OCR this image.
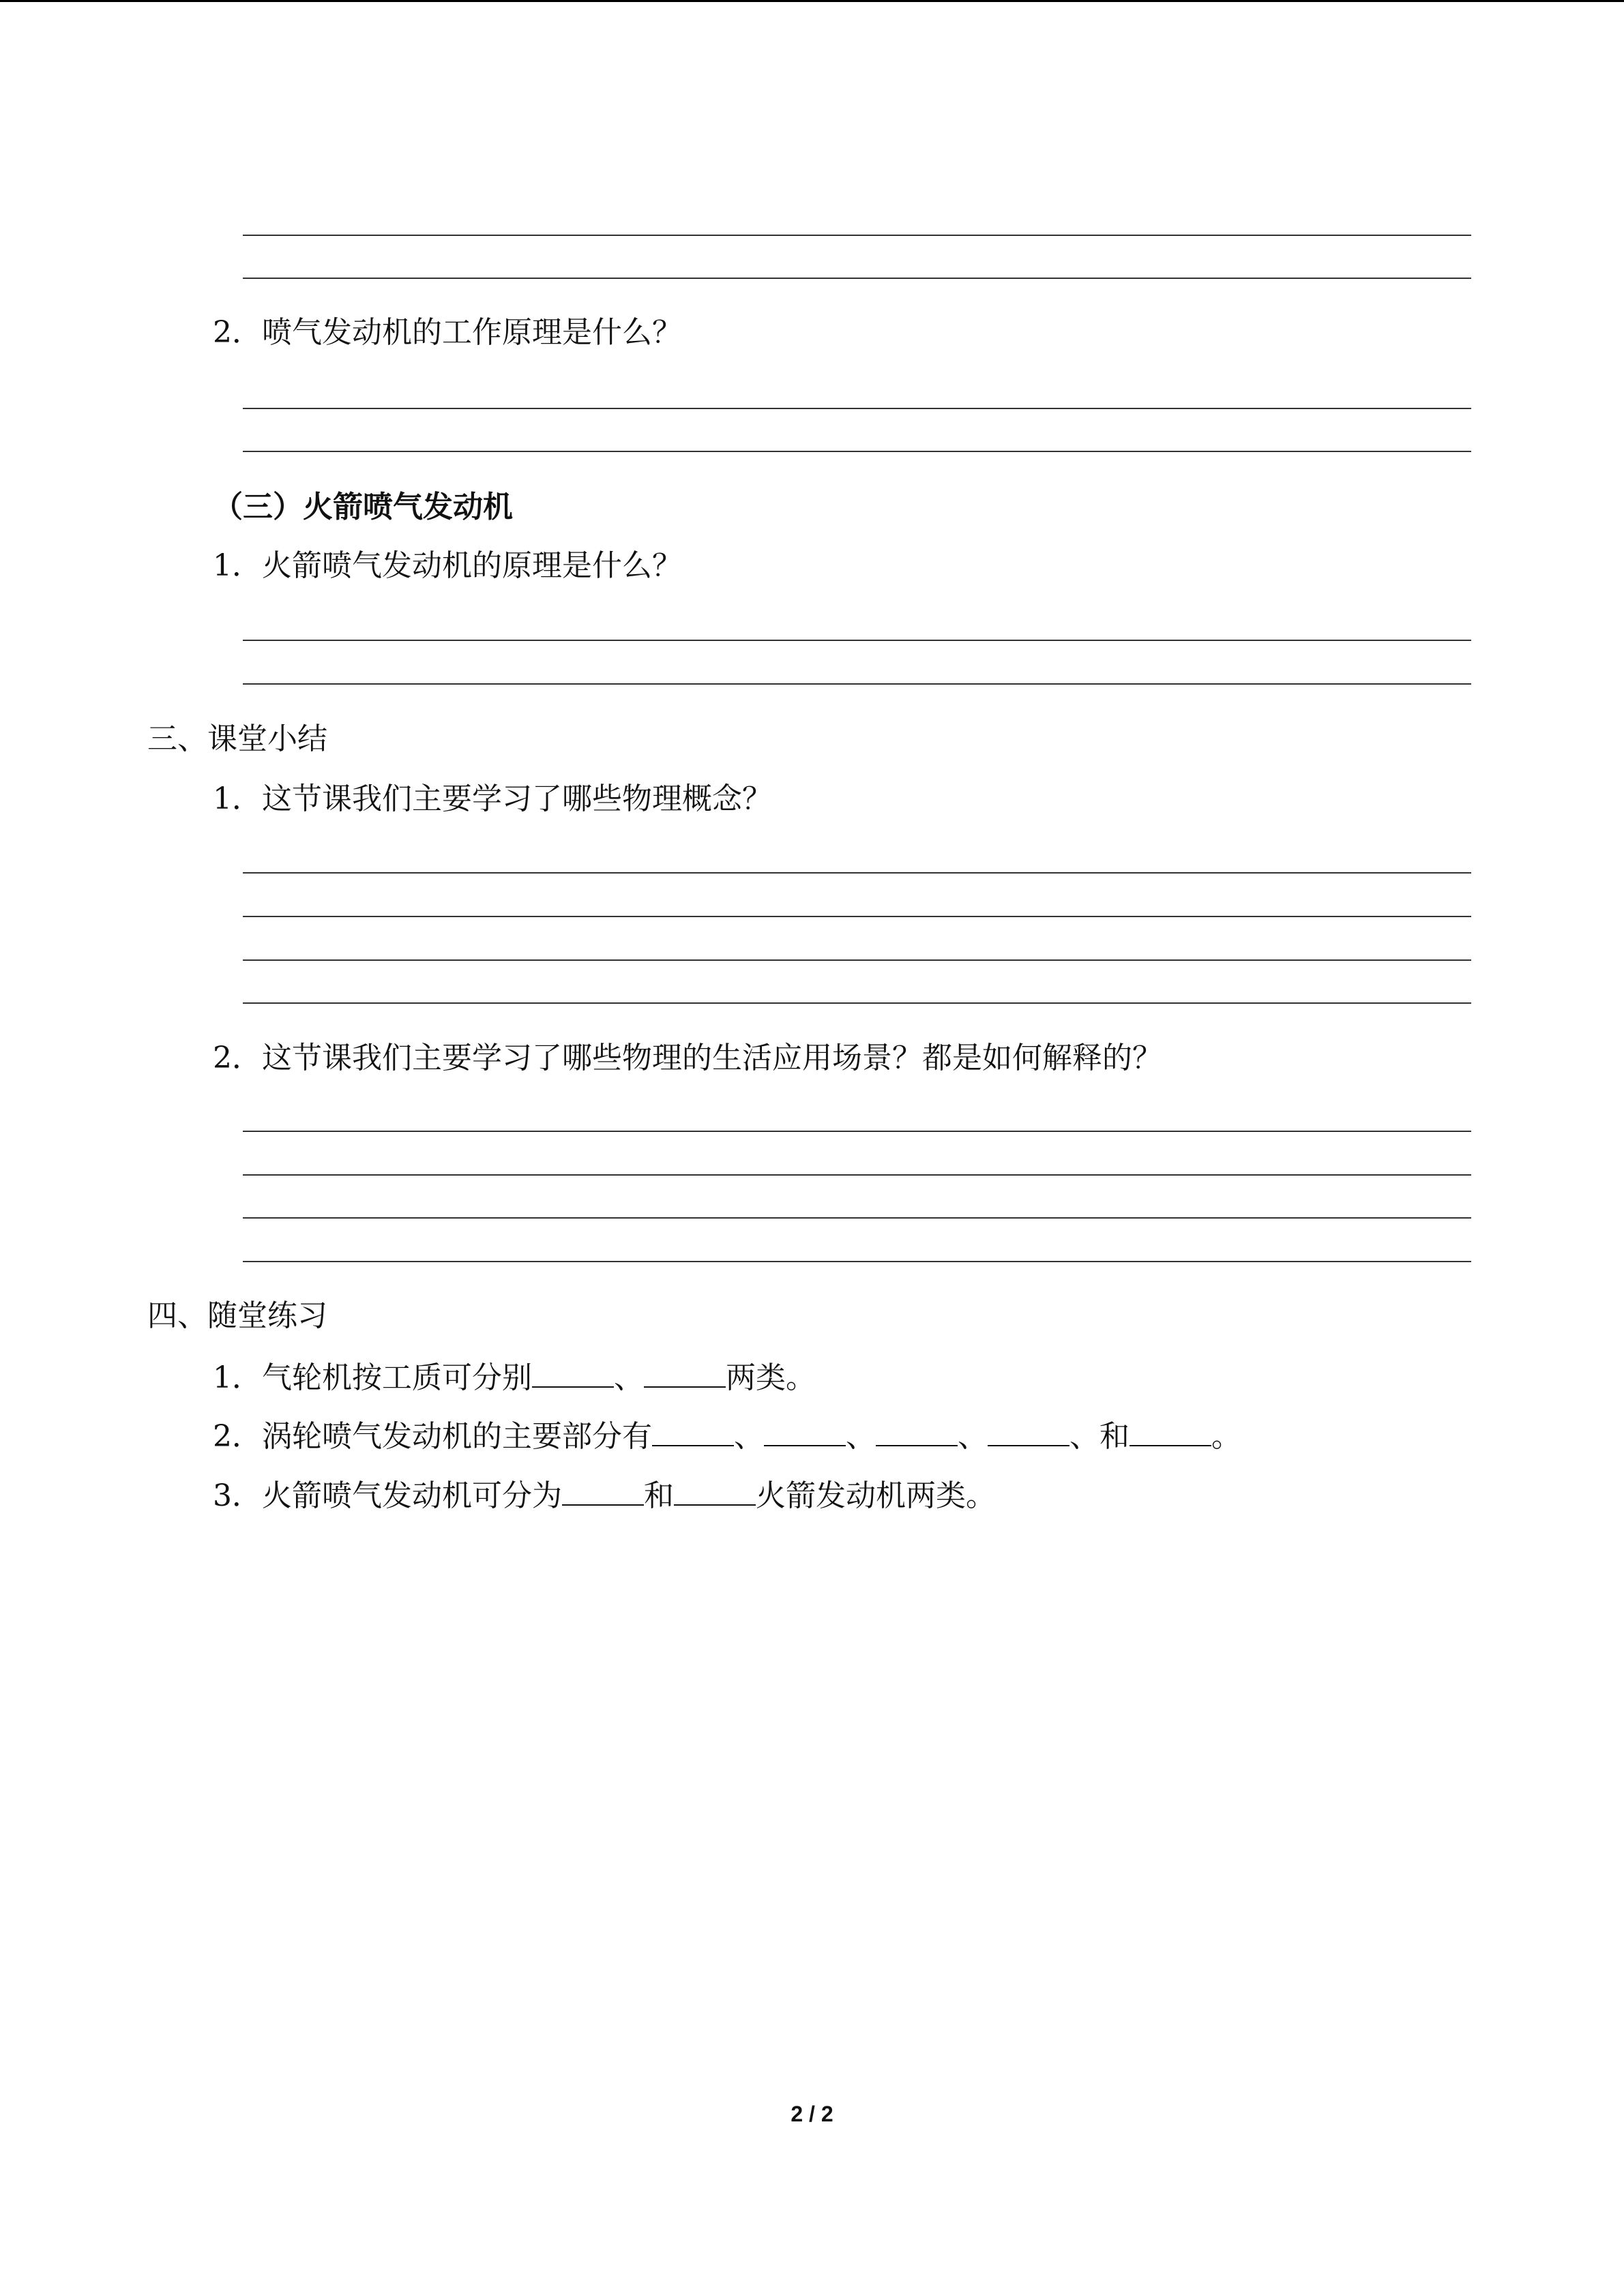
2．喷气发动机的工作原理是什么？
（三）火箭喷气发动机
1．火箭喷气发动机的原理是什么？
三、课堂小结
1．这节课我们主要学习了哪些物理概念？
2．这节课我们主要学习了哪些物理的生活应用场景？都是如何解释的？
四、随堂练习
1．气轮机按工质可分别	、	两类。
2．涡轮喷气发动机的主要部分有	、	、	、	、和	。
3．火箭喷气发动机可分为	和	火箭发动机两类。
2 / 2
